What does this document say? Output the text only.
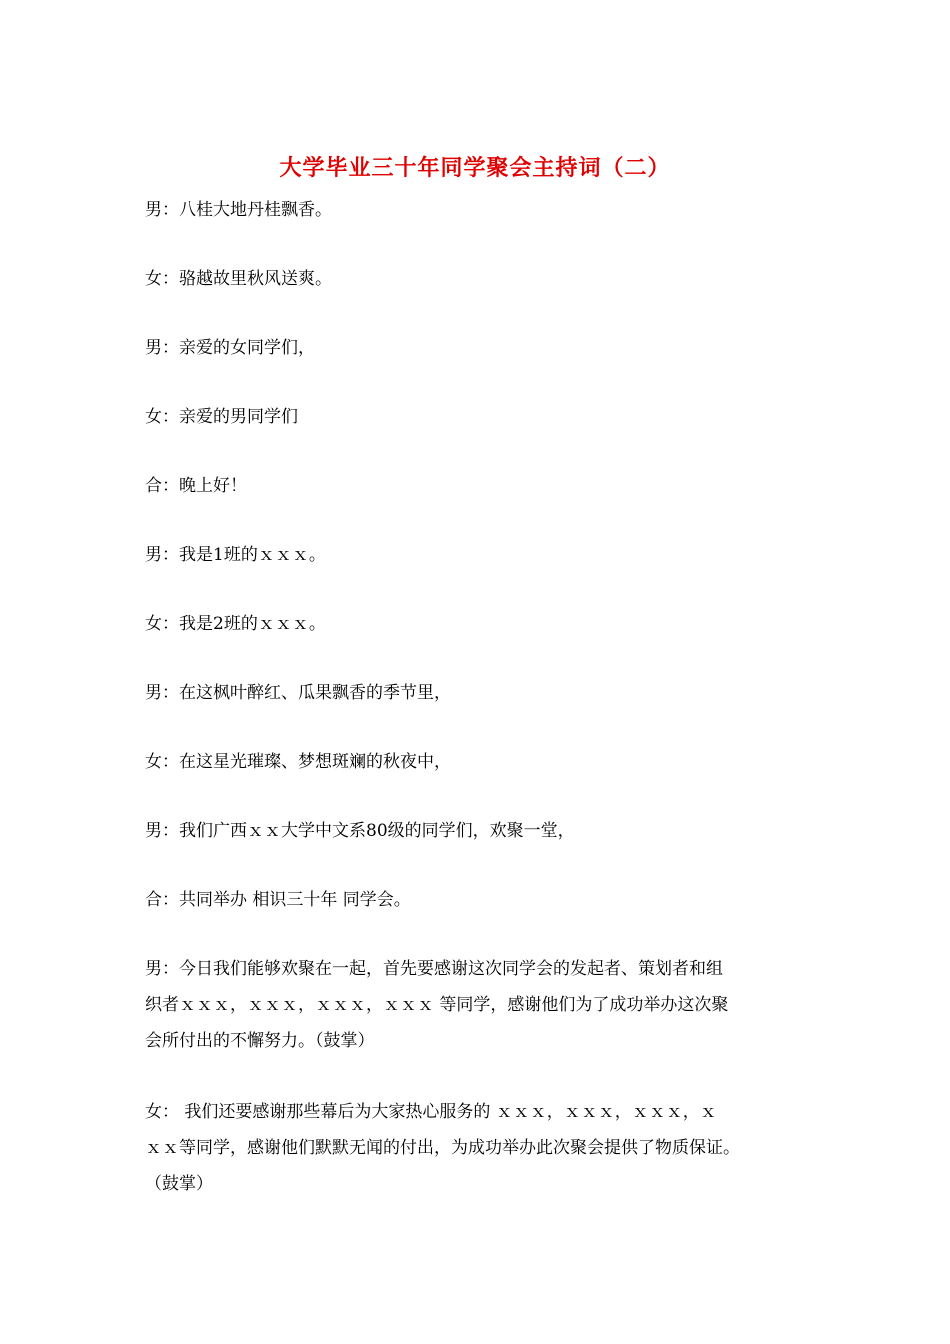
大学毕业三十年同学聚会主持词（二）
男：八桂大地丹桂飘香。
女：骆越故里秋风送爽。
男：亲爱的女同学们，
女：亲爱的男同学们
合：晚上好！
男：我是1班的ｘｘｘ。
女：我是2班的ｘｘｘ。
男：在这枫叶醉红、瓜果飘香的季节里，
女：在这星光璀璨、梦想斑斓的秋夜中，
男：我们广西ｘｘ大学中文系80级的同学们，欢聚一堂，
合：共同举办 相识三十年 同学会。
男：今日我们能够欢聚在一起，首先要感谢这次同学会的发起者、策划者和组
织者ｘｘｘ，ｘｘｘ，ｘｘｘ，ｘｘｘ 等同学，感谢他们为了成功举办这次聚
会所付出的不懈努力。（鼓掌）
女： 我们还要感谢那些幕后为大家热心服务的 ｘｘｘ，ｘｘｘ，ｘｘｘ，ｘ
ｘｘ等同学，感谢他们默默无闻的付出，为成功举办此次聚会提供了物质保证。
（鼓掌）
